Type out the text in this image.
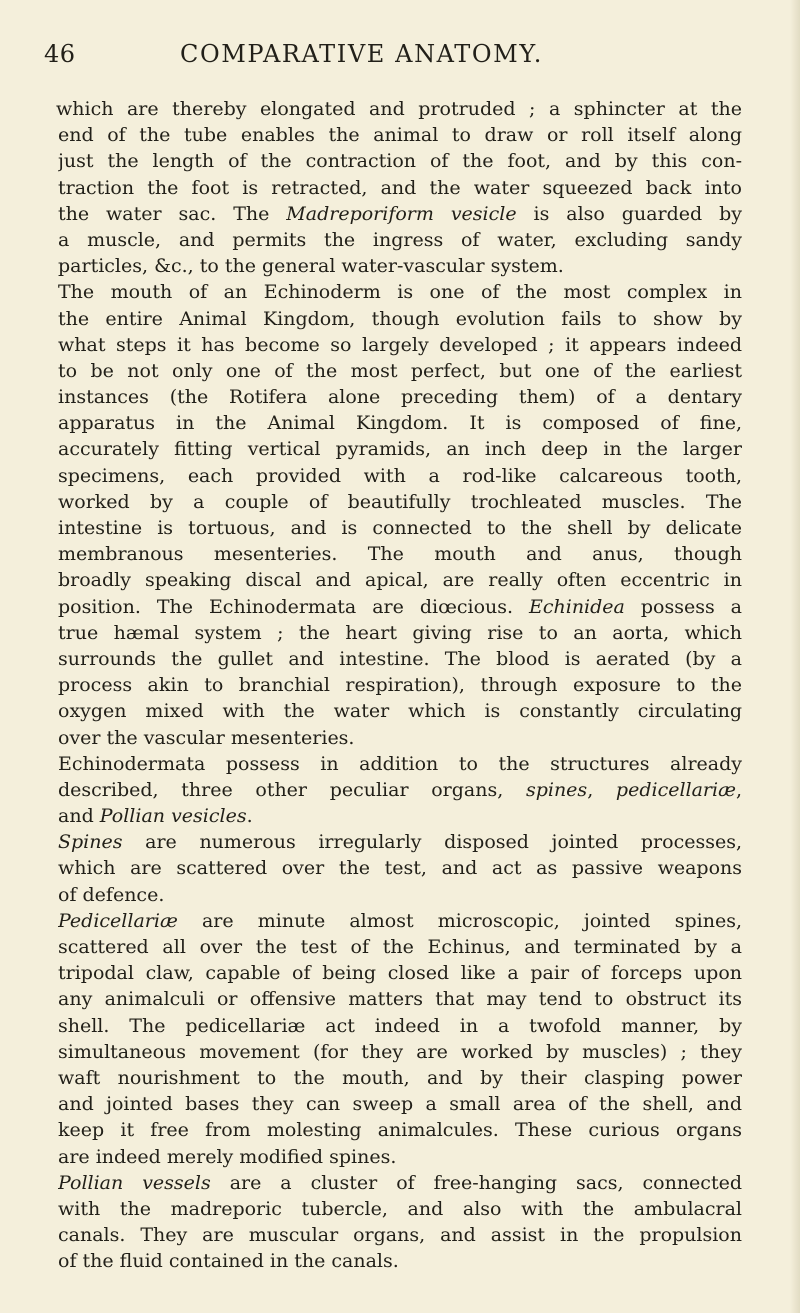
46	COMPARATIVE ANATOMY.
which are thereby elongated and protruded ; a sphincter at the
end of the tube enables the animal to draw or roll itself along
just the length of the contraction of the foot, and by this con-
traction the foot is retracted, and the water squeezed back into
the water sac. The Madreporiform vesicle is also guarded by
a muscle, and permits the ingress of water, excluding sandy
particles, &c., to the general water-vascular system.
The mouth of an Echinoderm is one of the most complex in
the entire Animal Kingdom, though evolution fails to show by
what steps it has become so largely developed ; it appears indeed
to be not only one of the most perfect, but one of the earliest
instances (the Rotifera alone preceding them) of a dentary
apparatus in the Animal Kingdom. It is composed of fine,
accurately fitting vertical pyramids, an inch deep in the larger
specimens, each provided with a rod-like calcareous tooth,
worked by a couple of beautifully trochleated muscles. The
intestine is tortuous, and is connected to the shell by delicate
membranous mesenteries. The mouth and anus, though
broadly speaking discal and apical, are really often eccentric in
position. The Echinodermata are diœcious. Echinidea possess a
true hæmal system ; the heart giving rise to an aorta, which
surrounds the gullet and intestine. The blood is aerated (by a
process akin to branchial respiration), through exposure to the
oxygen mixed with the water which is constantly circulating
over the vascular mesenteries.
Echinodermata possess in addition to the structures already
described, three other peculiar organs, spines, pedicellariæ,
and Pollian vesicles.
Spines are numerous irregularly disposed jointed processes,
which are scattered over the test, and act as passive weapons
of defence.
Pedicellariæ are minute almost microscopic, jointed spines,
scattered all over the test of the Echinus, and terminated by a
tripodal claw, capable of being closed like a pair of forceps upon
any animalculi or offensive matters that may tend to obstruct its
shell. The pedicellariæ act indeed in a twofold manner, by
simultaneous movement (for they are worked by muscles) ; they
waft nourishment to the mouth, and by their clasping power
and jointed bases they can sweep a small area of the shell, and
keep it free from molesting animalcules. These curious organs
are indeed merely modified spines.
Pollian vessels are a cluster of free-hanging sacs, connected
with the madreporic tubercle, and also with the ambulacral
canals. They are muscular organs, and assist in the propulsion
of the fluid contained in the canals.
